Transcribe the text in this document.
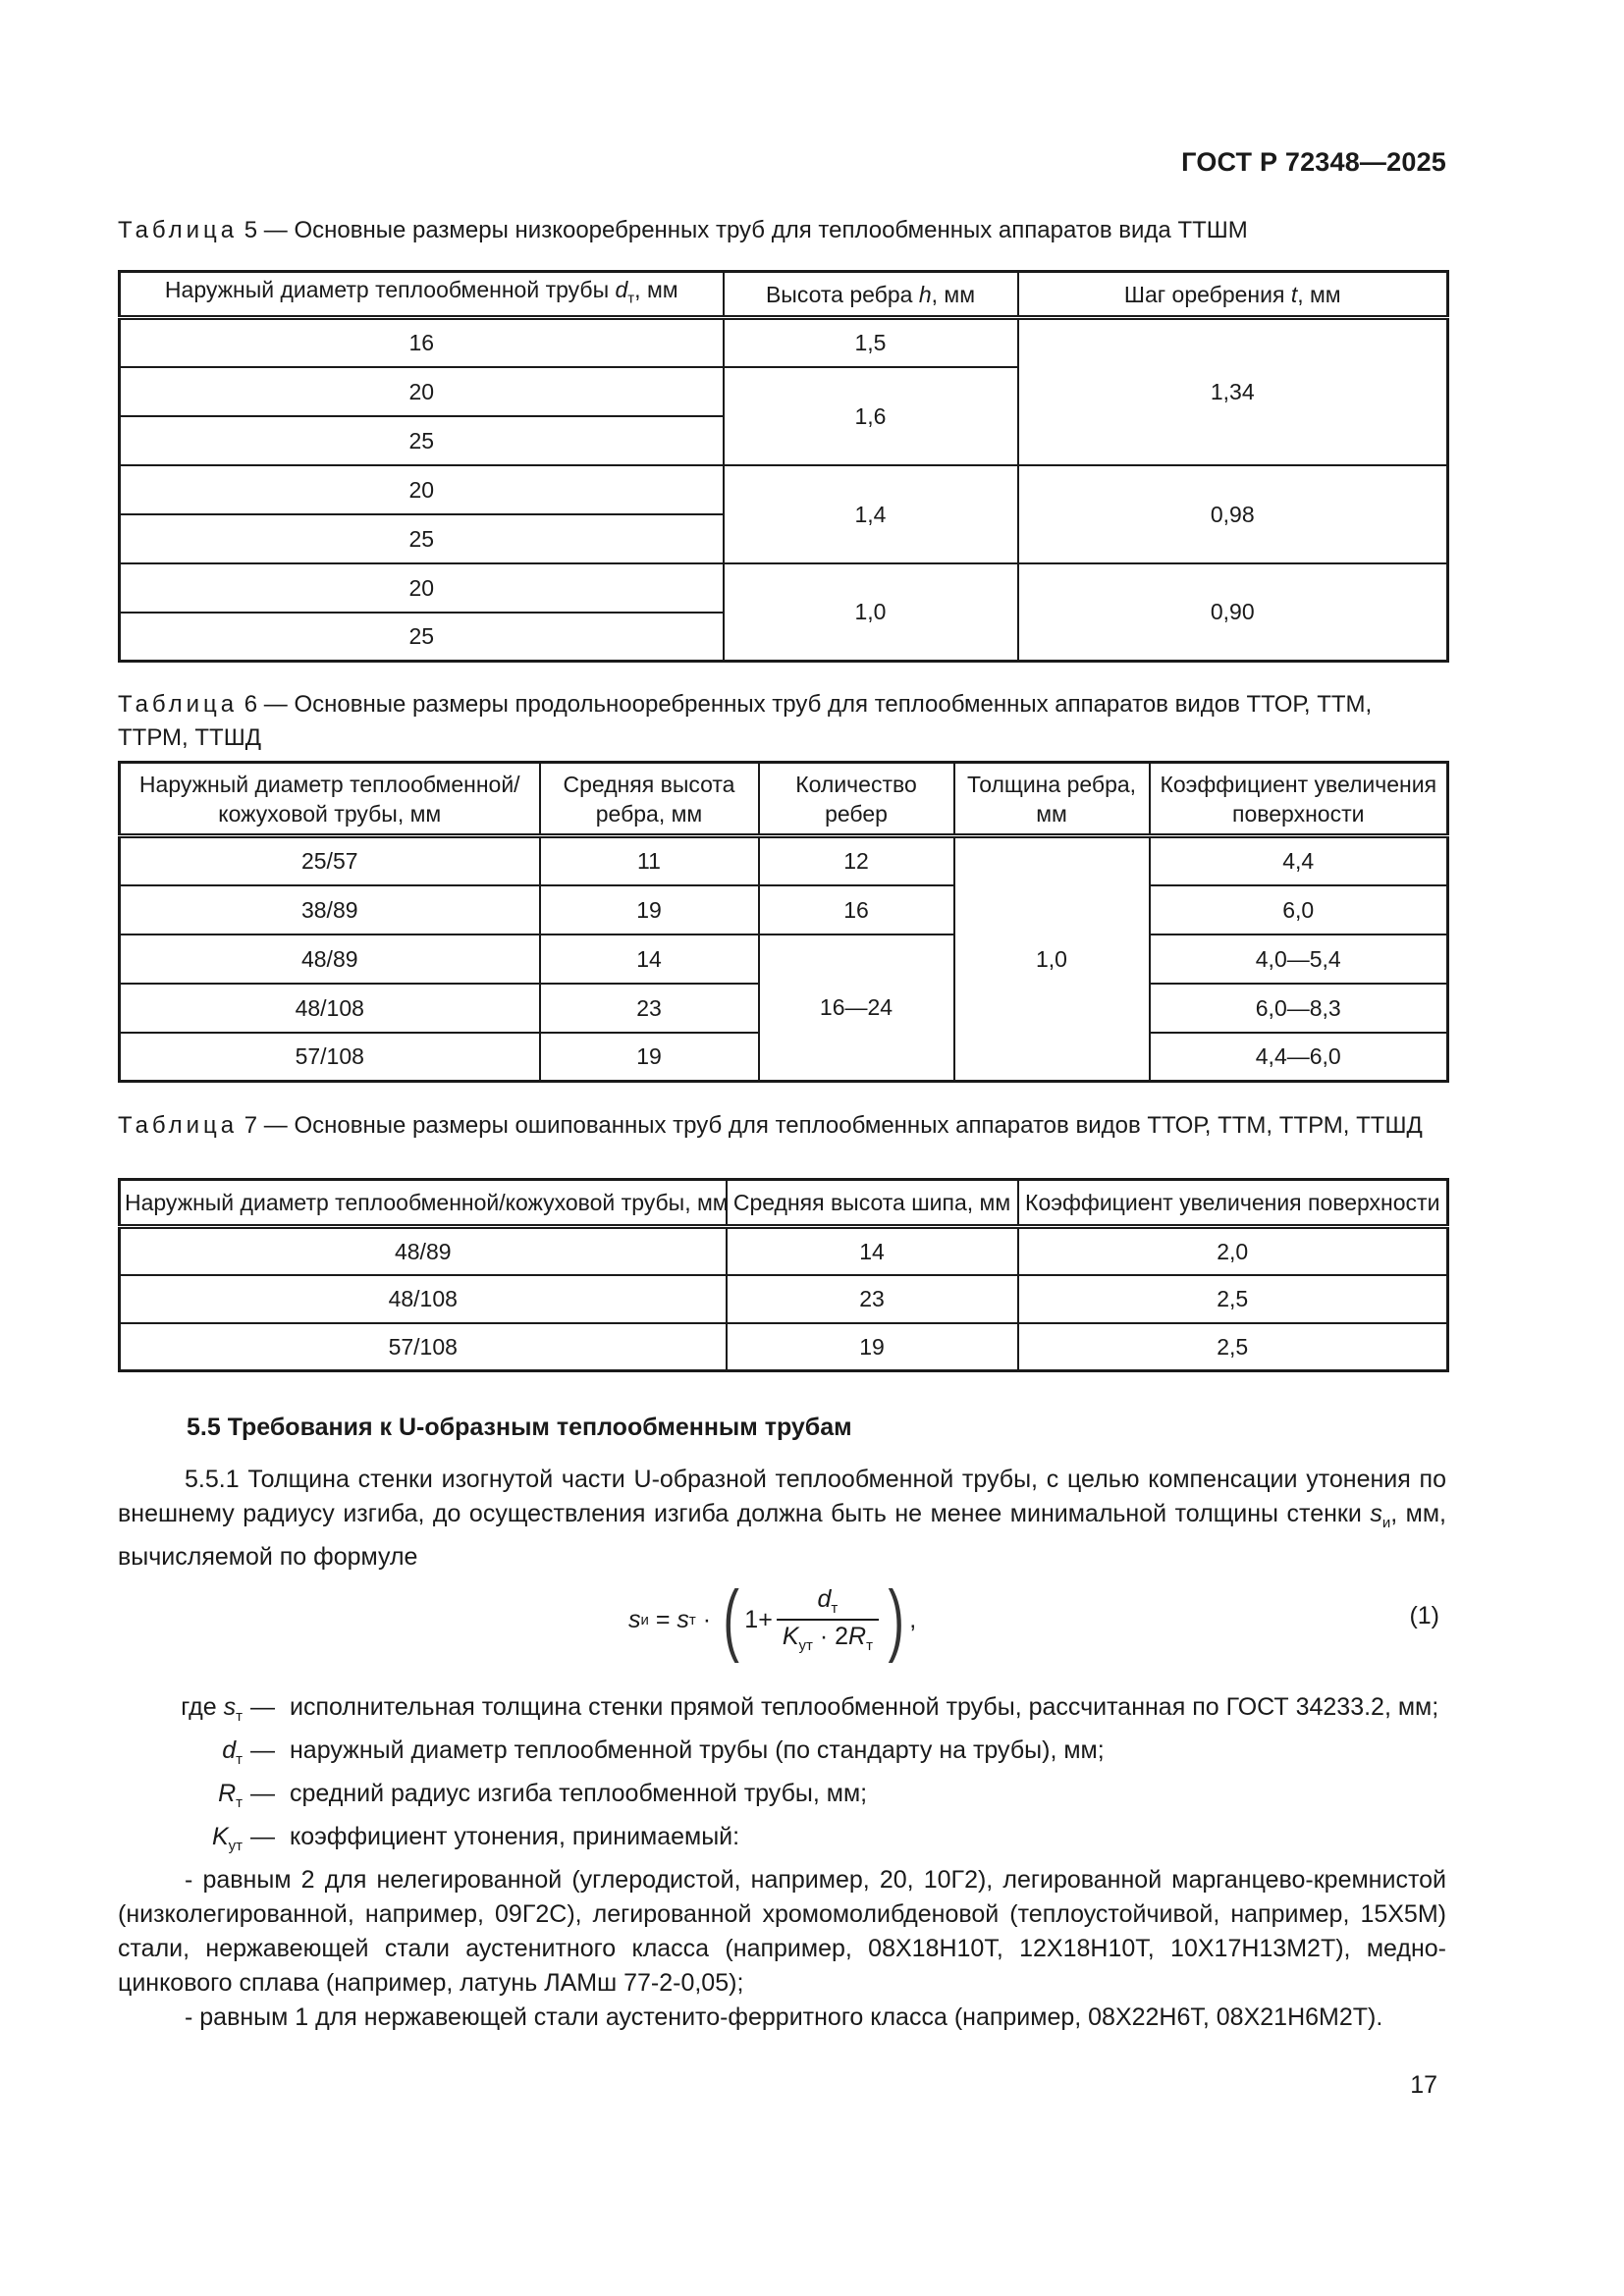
ГОСТ Р 72348—2025
Таблица 5 — Основные размеры низкооребренных труб для теплообменных аппаратов вида ТТШМ
Наружный диаметр теплообменной трубы $d_т$, мм	Высота ребра h, мм	Шаг оребрения t, мм
16	1,5	1,34
20	1,6	
25		
20	1,4	0,98
25		
20	1,0	0,90
25		
Таблица 6 — Основные размеры продольнооребренных труб для теплообменных аппаратов видов ТТОР, ТТМ, ТТРМ, ТТШД
Наружный диаметр теплообменной/ кожуховой трубы, мм	Средняя высота ребра, мм	Количество ребер	Толщина ребра, мм	Коэффициент увеличения поверхности
25/57	11	12	1,0	4,4
38/89	19	16		6,0
48/89	14	16—24		4,0—5,4
48/108	23			6,0—8,3
57/108	19			4,4—6,0
Таблица 7 — Основные размеры ошипованных труб для теплообменных аппаратов видов ТТОР, ТТМ, ТТРМ, ТТШД
Наружный диаметр теплообменной/кожуховой трубы, мм	Средняя высота шипа, мм	Коэффициент увеличения поверхности
48/89	14	2,0
48/108	23	2,5
57/108	19	2,5
5.5 Требования к U-образным теплообменным трубам
5.5.1 Толщина стенки изогнутой части U-образной теплообменной трубы, с целью компенсации утонения по внешнему радиусу изгиба, до осуществления изгиба должна быть не менее минимальной толщины стенки $s_и$, мм, вычисляемой по формуле
s и = s т · ( $1+ \frac{d_т}{K_{ут} \cdot 2R_т}$ ) ,	(1)
где $s_т$ — исполнительная толщина стенки прямой теплообменной трубы, рассчитанная по ГОСТ 34233.2, мм;
$d_т$ — наружный диаметр теплообменной трубы (по стандарту на трубы), мм;
$R_т$ — средний радиус изгиба теплообменной трубы, мм;
$K_{ут}$ — коэффициент утонения, принимаемый:
- равным 2 для нелегированной (углеродистой, например, 20, 10Г2), легированной марганцево-кремнистой (низколегированной, например, 09Г2С), легированной хромомолибденовой (теплоустойчивой, например, 15Х5М) стали, нержавеющей стали аустенитного класса (например, 08Х18Н10Т, 12Х18Н10Т, 10Х17Н13М2Т), медно-цинкового сплава (например, латунь ЛАМш 77-2-0,05);
- равным 1 для нержавеющей стали аустенито-ферритного класса (например, 08Х22Н6Т, 08Х21Н6М2Т).
17
